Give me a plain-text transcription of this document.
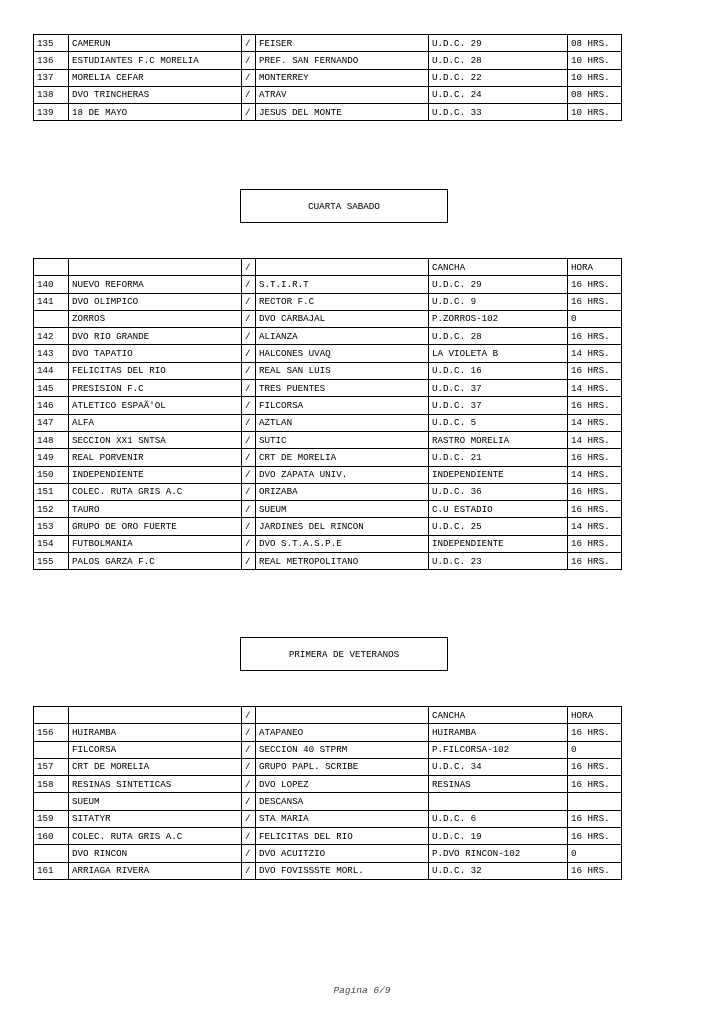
135	CAMERUN	/	FEISER	U.D.C. 29	08 HRS.
136	ESTUDIANTES F.C MORELIA	/	PREF. SAN FERNANDO	U.D.C. 28	10 HRS.
137	MORELIA CEFAR	/	MONTERREY	U.D.C. 22	10 HRS.
138	DVO TRINCHERAS	/	ATRAV	U.D.C. 24	08 HRS.
139	18 DE MAYO	/	JESUS DEL MONTE	U.D.C. 33	10 HRS.
CUARTA SABADO
		/		CANCHA	HORA
140	NUEVO REFORMA	/	S.T.I.R.T	U.D.C. 29	16 HRS.
141	DVO OLIMPICO	/	RECTOR F.C	U.D.C. 9	16 HRS.
	ZORROS	/	DVO CARBAJAL	P.ZORROS-102	0
142	DVO RIO GRANDE	/	ALIANZA	U.D.C. 28	16 HRS.
143	DVO TAPATIO	/	HALCONES UVAQ	LA VIOLETA B	14 HRS.
144	FELICITAS DEL RIO	/	REAL SAN LUIS	U.D.C. 16	16 HRS.
145	PRESISION F.C	/	TRES PUENTES	U.D.C. 37	14 HRS.
146	ATLETICO ESPAÃ'OL	/	FILCORSA	U.D.C. 37	16 HRS.
147	ALFA	/	AZTLAN	U.D.C. 5	14 HRS.
148	SECCION XX1 SNTSA	/	SUTIC	RASTRO MORELIA	14 HRS.
149	REAL PORVENIR	/	CRT DE MORELIA	U.D.C. 21	16 HRS.
150	INDEPENDIENTE	/	DVO ZAPATA UNIV.	INDEPENDIENTE	14 HRS.
151	COLEC. RUTA GRIS A.C	/	ORIZABA	U.D.C. 36	16 HRS.
152	TAURO	/	SUEUM	C.U ESTADIO	16 HRS.
153	GRUPO DE ORO FUERTE	/	JARDINES DEL RINCON	U.D.C. 25	14 HRS.
154	FUTBOLMANIA	/	DVO S.T.A.S.P.E	INDEPENDIENTE	16 HRS.
155	PALOS GARZA F.C	/	REAL METROPOLITANO	U.D.C. 23	16 HRS.
PRIMERA DE VETERANOS
		/		CANCHA	HORA
156	HUIRAMBA	/	ATAPANEO	HUIRAMBA	16 HRS.
	FILCORSA	/	SECCION 40 STPRM	P.FILCORSA-102	0
157	CRT DE MORELIA	/	GRUPO PAPL. SCRIBE	U.D.C. 34	16 HRS.
158	RESINAS SINTETICAS	/	DVO LOPEZ	RESINAS	16 HRS.
	SUEUM	/	DESCANSA		
159	SITATYR	/	STA MARIA	U.D.C. 6	16 HRS.
160	COLEC. RUTA GRIS A.C	/	FELICITAS DEL RIO	U.D.C. 19	16 HRS.
	DVO RINCON	/	DVO ACUITZIO	P.DVO RINCON-102	0
161	ARRIAGA RIVERA	/	DVO FOVISSSTE MORL.	U.D.C. 32	16 HRS.
Pagina 6/9
